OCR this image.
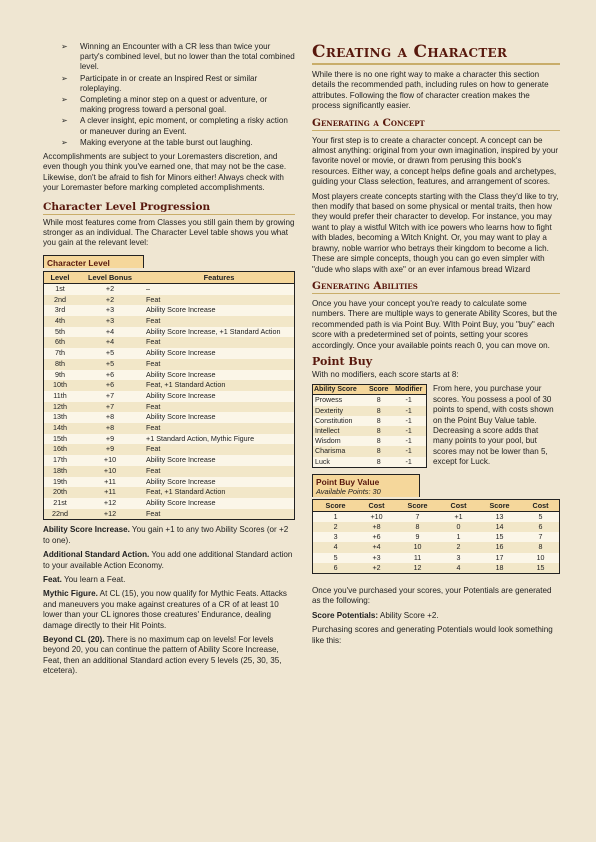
➢ Winning an Encounter with a CR less than twice your party's combined level, but no lower than the total combined level.
➢ Participate in or create an Inspired Rest or similar roleplaying.
➢ Completing a minor step on a quest or adventure, or making progress toward a personal goal.
➢ A clever insight, epic moment, or completing a risky action or maneuver during an Event.
➢ Making everyone at the table burst out laughing.

Accomplishments are subject to your Loremasters discretion, and even though you think you've earned one, that may not be the case. Likewise, don't be afraid to fish for Minors either! Always check with your Loremaster before marking completed accomplishments.

Character Level Progression

While most features come from Classes you still gain them by growing stronger as an individual. The Character Level table shows you what you gain at the relevant level:

Character Level
Level	Level Bonus	Features
1st	+2	–
2nd	+2	Feat
3rd	+3	Ability Score Increase
4th	+3	Feat
5th	+4	Ability Score Increase, +1 Standard Action
6th	+4	Feat
7th	+5	Ability Score Increase
8th	+5	Feat
9th	+6	Ability Score Increase
10th	+6	Feat, +1 Standard Action
11th	+7	Ability Score Increase
12th	+7	Feat
13th	+8	Ability Score Increase
14th	+8	Feat
15th	+9	+1 Standard Action, Mythic Figure
16th	+9	Feat
17th	+10	Ability Score Increase
18th	+10	Feat
19th	+11	Ability Score Increase
20th	+11	Feat, +1 Standard Action
21st	+12	Ability Score Increase
22nd	+12	Feat

Ability Score Increase. You gain +1 to any two Ability Scores (or +2 to one).

Additional Standard Action. You add one additional Standard action to your available Action Economy.

Feat. You learn a Feat.

Mythic Figure. At CL (15), you now qualify for Mythic Feats. Attacks and maneuvers you make against creatures of a CR of at least 10 lower than your CL ignores those creatures' Endurance, dealing damage directly to their Hit Points.

Beyond CL (20). There is no maximum cap on levels! For levels beyond 20, you can continue the pattern of Ability Score Increase, Feat, then an additional Standard action every 5 levels (25, 30, 35, etcetera).

Creating a Character

While there is no one right way to make a character this section details the recommended path, including rules on how to generate attributes. Following the flow of character creation makes the process significantly easier.

Generating a Concept

Your first step is to create a character concept. A concept can be almost anything: original from your own imagination, inspired by your favorite novel or movie, or drawn from perusing this book's resources. Either way, a concept helps define goals and archetypes, guiding your Class selection, features, and arrangement of scores.

Most players create concepts starting with the Class they'd like to try, then modify that based on some physical or mental traits, then how they would prefer their character to develop. For instance, you may want to play a wistful Witch with ice powers who learns how to fight with blades, becoming a Witch Knight. Or, you may want to play a brawny, noble warrior who betrays their kingdom to become a lich. These are simple concepts, though you can go even simpler with "dude who slaps with axe" or an ever infamous bread Wizard

Generating Abilities

Once you have your concept you're ready to calculate some numbers. There are multiple ways to generate Ability Scores, but the recommended path is via Point Buy. WIth Point Buy, you "buy" each score with a predetermined set of points, setting your scores accordingly. Once your available points reach 0, you can move on.

Point Buy

With no modifiers, each score starts at 8:

Ability Score	Score	Modifier
Prowess	8	-1
Dexterity	8	-1
Constitution	8	-1
Intellect	8	-1
Wisdom	8	-1
Charisma	8	-1
Luck	8	-1
From here, you purchase your scores. You possess a pool of 30 points to spend, with costs shown on the Point Buy Value table. Decreasing a score adds that many points to your pool, but scores may not be lower than 5, except for Luck.
Point Buy Value
Available Points: 30
Score	Cost	Score	Cost	Score	Cost
1	+10	7	+1	13	5
2	+8	8	0	14	6
3	+6	9	1	15	7
4	+4	10	2	16	8
5	+3	11	3	17	10
6	+2	12	4	18	15

Once you've purchased your scores, your Potentials are generated as the following:

Score Potentials: Ability Score +2.

Purchasing scores and generating Potentials would look something like this:
